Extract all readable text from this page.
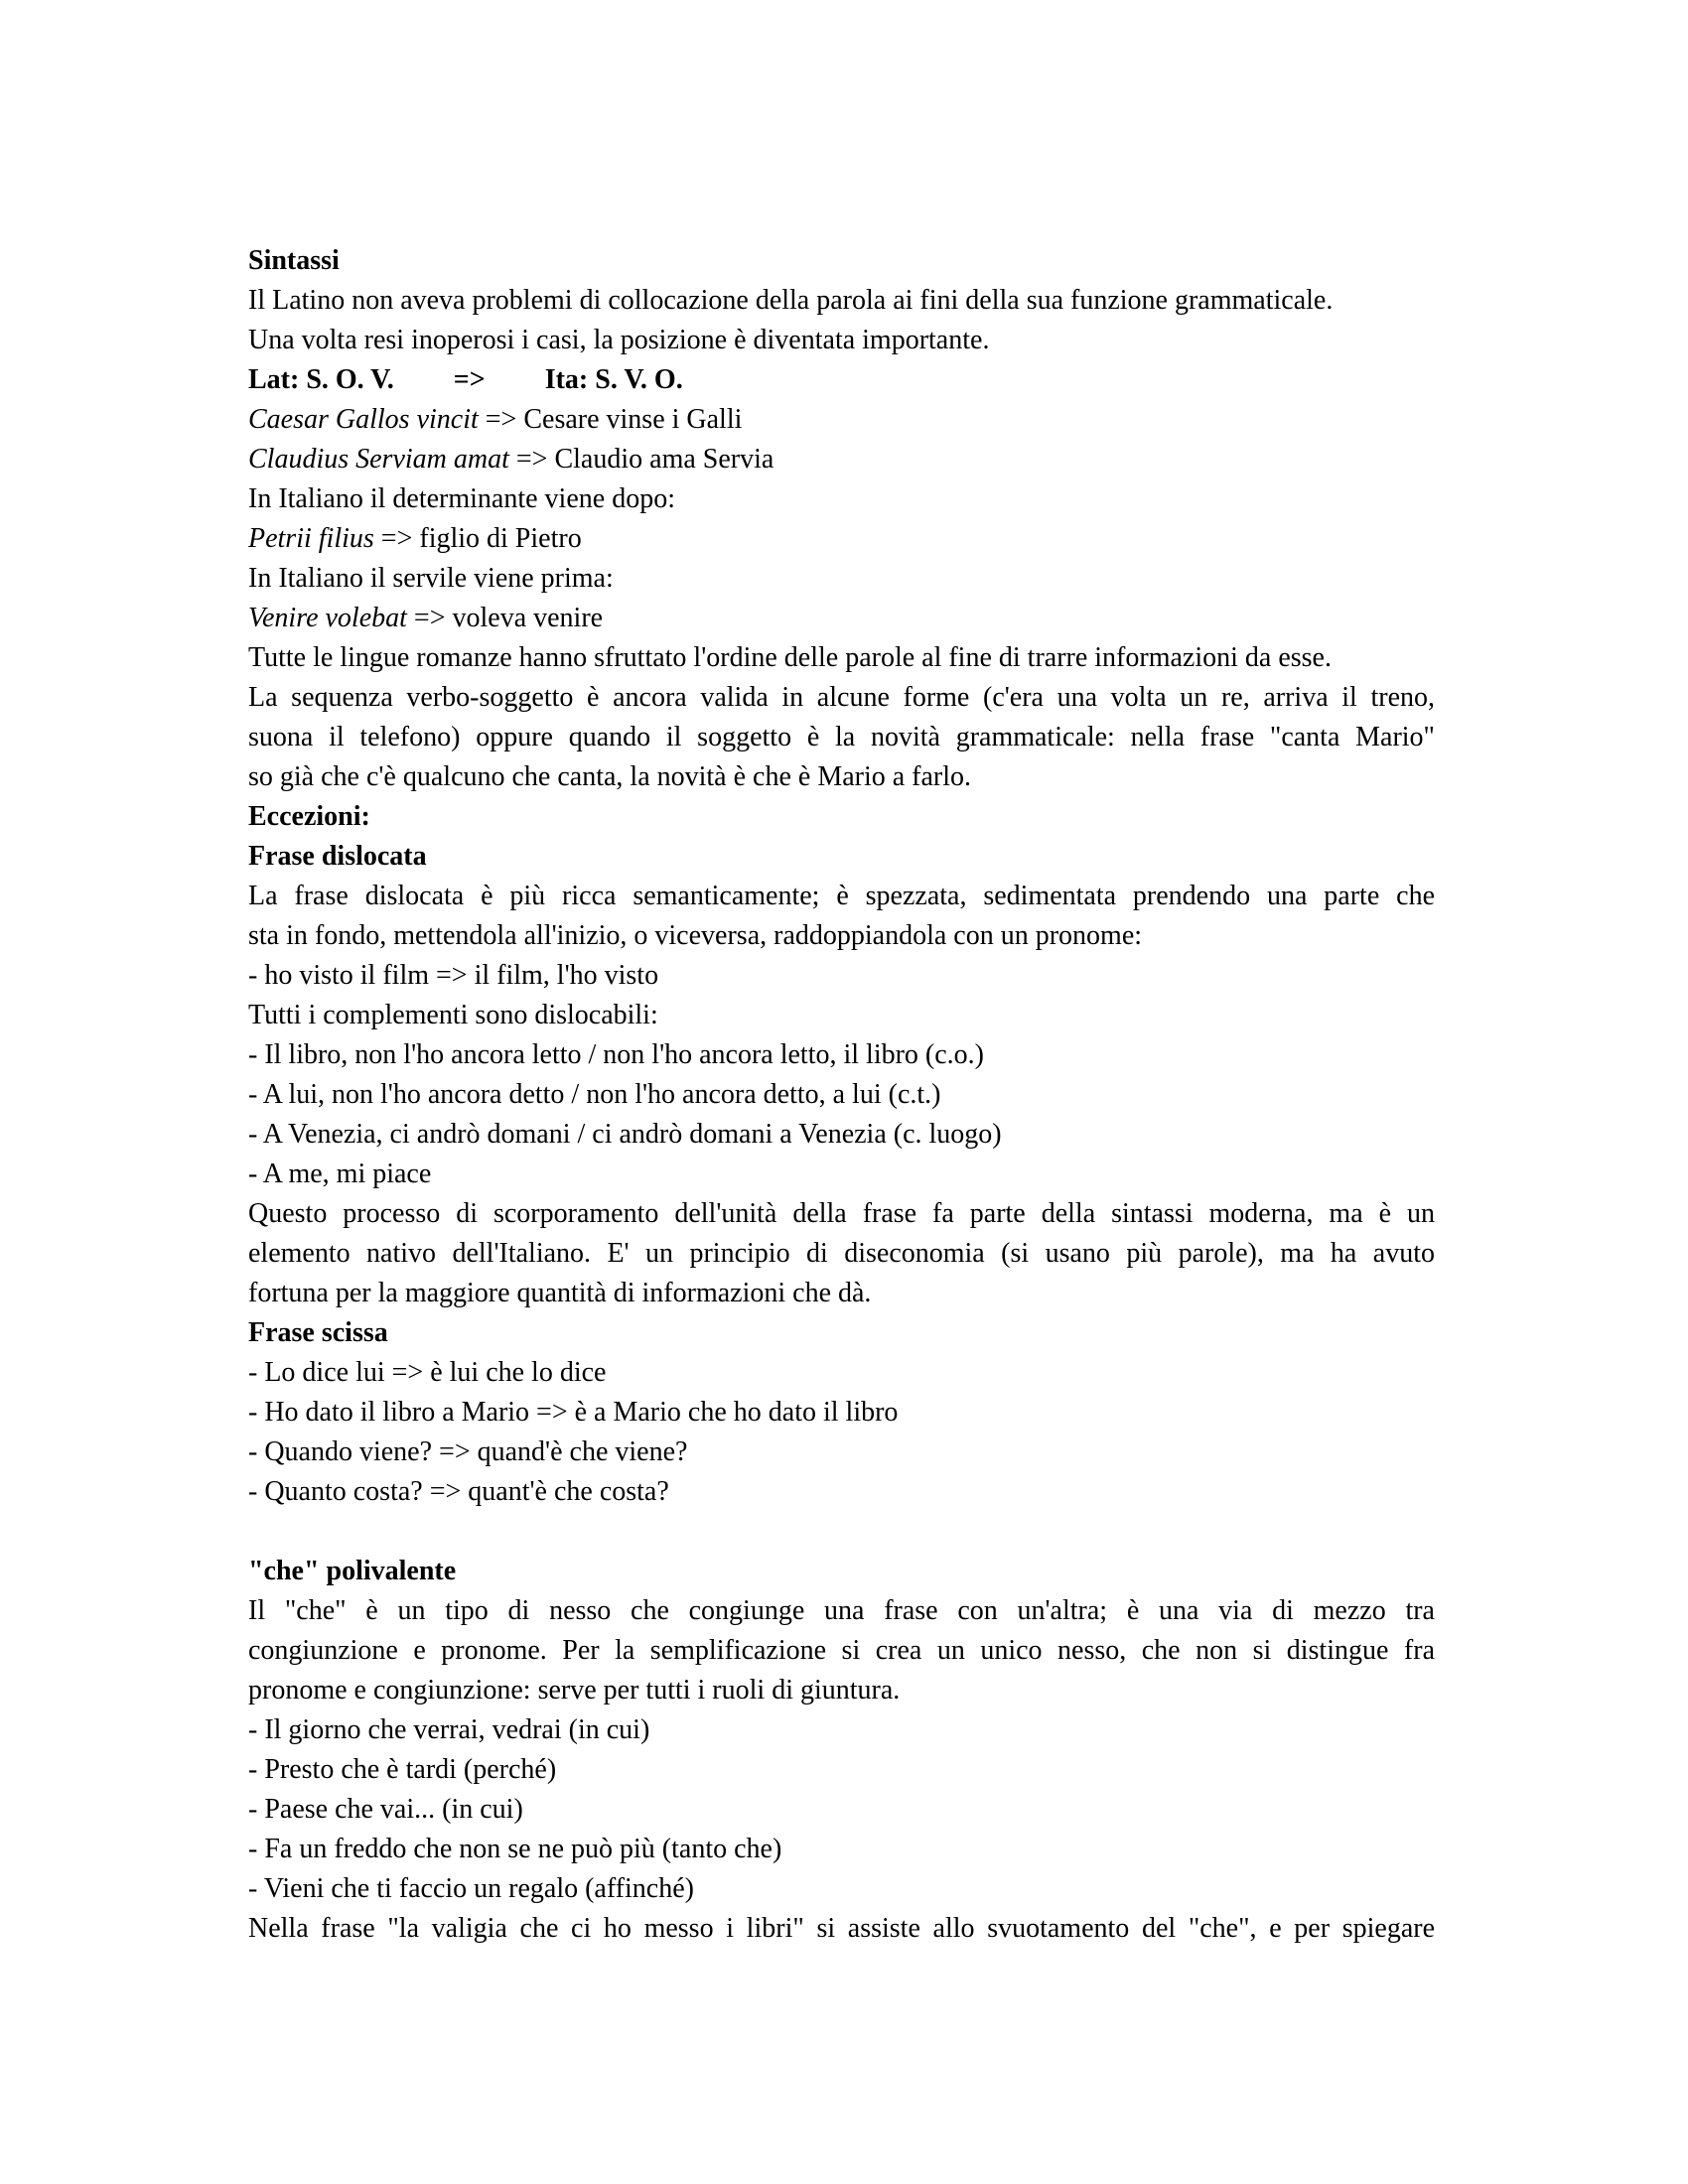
Sintassi
Il Latino non aveva problemi di collocazione della parola ai fini della sua funzione grammaticale.
Una volta resi inoperosi i casi, la posizione è diventata importante.
Lat: S. O. V. => Ita: S. V. O.
Caesar Gallos vincit => Cesare vinse i Galli
Claudius Serviam amat => Claudio ama Servia
In Italiano il determinante viene dopo:
Petrii filius => figlio di Pietro
In Italiano il servile viene prima:
Venire volebat => voleva venire
Tutte le lingue romanze hanno sfruttato l'ordine delle parole al fine di trarre informazioni da esse.
La sequenza verbo-soggetto è ancora valida in alcune forme (c'era una volta un re, arriva il treno,
suona il telefono) oppure quando il soggetto è la novità grammaticale: nella frase "canta Mario"
so già che c'è qualcuno che canta, la novità è che è Mario a farlo.
Eccezioni:
Frase dislocata
La frase dislocata è più ricca semanticamente; è spezzata, sedimentata prendendo una parte che
sta in fondo, mettendola all'inizio, o viceversa, raddoppiandola con un pronome:
- ho visto il film => il film, l'ho visto
Tutti i complementi sono dislocabili:
- Il libro, non l'ho ancora letto / non l'ho ancora letto, il libro (c.o.)
- A lui, non l'ho ancora detto / non l'ho ancora detto, a lui (c.t.)
- A Venezia, ci andrò domani / ci andrò domani a Venezia (c. luogo)
- A me, mi piace
Questo processo di scorporamento dell'unità della frase fa parte della sintassi moderna, ma è un
elemento nativo dell'Italiano. E' un principio di diseconomia (si usano più parole), ma ha avuto
fortuna per la maggiore quantità di informazioni che dà.
Frase scissa
- Lo dice lui => è lui che lo dice
- Ho dato il libro a Mario => è a Mario che ho dato il libro
- Quando viene? => quand'è che viene?
- Quanto costa? => quant'è che costa?
"che" polivalente
Il "che" è un tipo di nesso che congiunge una frase con un'altra; è una via di mezzo tra
congiunzione e pronome. Per la semplificazione si crea un unico nesso, che non si distingue fra
pronome e congiunzione: serve per tutti i ruoli di giuntura.
- Il giorno che verrai, vedrai (in cui)
- Presto che è tardi (perché)
- Paese che vai... (in cui)
- Fa un freddo che non se ne può più (tanto che)
- Vieni che ti faccio un regalo (affinché)
Nella frase "la valigia che ci ho messo i libri" si assiste allo svuotamento del "che", e per spiegare
